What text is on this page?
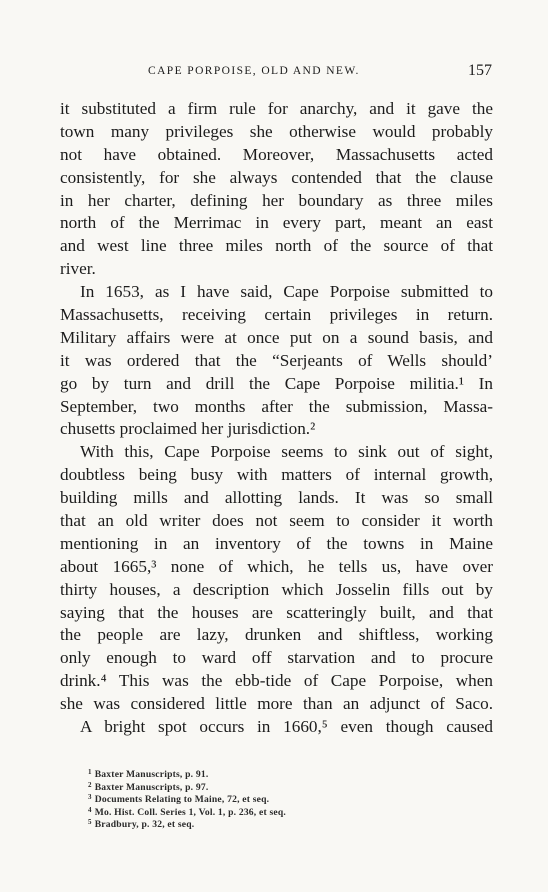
CAPE PORPOISE, OLD AND NEW.	157
it substituted a firm rule for anarchy, and it gave the
town many privileges she otherwise would probably
not have obtained. Moreover, Massachusetts acted
consistently, for she always contended that the clause
in her charter, defining her boundary as three miles
north of the Merrimac in every part, meant an east
and west line three miles north of the source of that
river.
In 1653, as I have said, Cape Porpoise submitted to
Massachusetts, receiving certain privileges in return.
Military affairs were at once put on a sound basis, and
it was ordered that the “Serjeants of Wells should’
go by turn and drill the Cape Porpoise militia.¹ In
September, two months after the submission, Massa-
chusetts proclaimed her jurisdiction.²
With this, Cape Porpoise seems to sink out of sight,
doubtless being busy with matters of internal growth,
building mills and allotting lands. It was so small
that an old writer does not seem to consider it worth
mentioning in an inventory of the towns in Maine
about 1665,³ none of which, he tells us, have over
thirty houses, a description which Josselin fills out by
saying that the houses are scatteringly built, and that
the people are lazy, drunken and shiftless, working
only enough to ward off starvation and to procure
drink.⁴ This was the ebb-tide of Cape Porpoise, when
she was considered little more than an adjunct of Saco.
A bright spot occurs in 1660,⁵ even though caused
$^1$ Baxter Manuscripts, p. 91.
$^2$ Baxter Manuscripts, p. 97.
$^3$ Documents Relating to Maine, 72, et seq.
$^4$ Mo. Hist. Coll. Series 1, Vol. 1, p. 236, et seq.
$^5$ Bradbury, p. 32, et seq.
